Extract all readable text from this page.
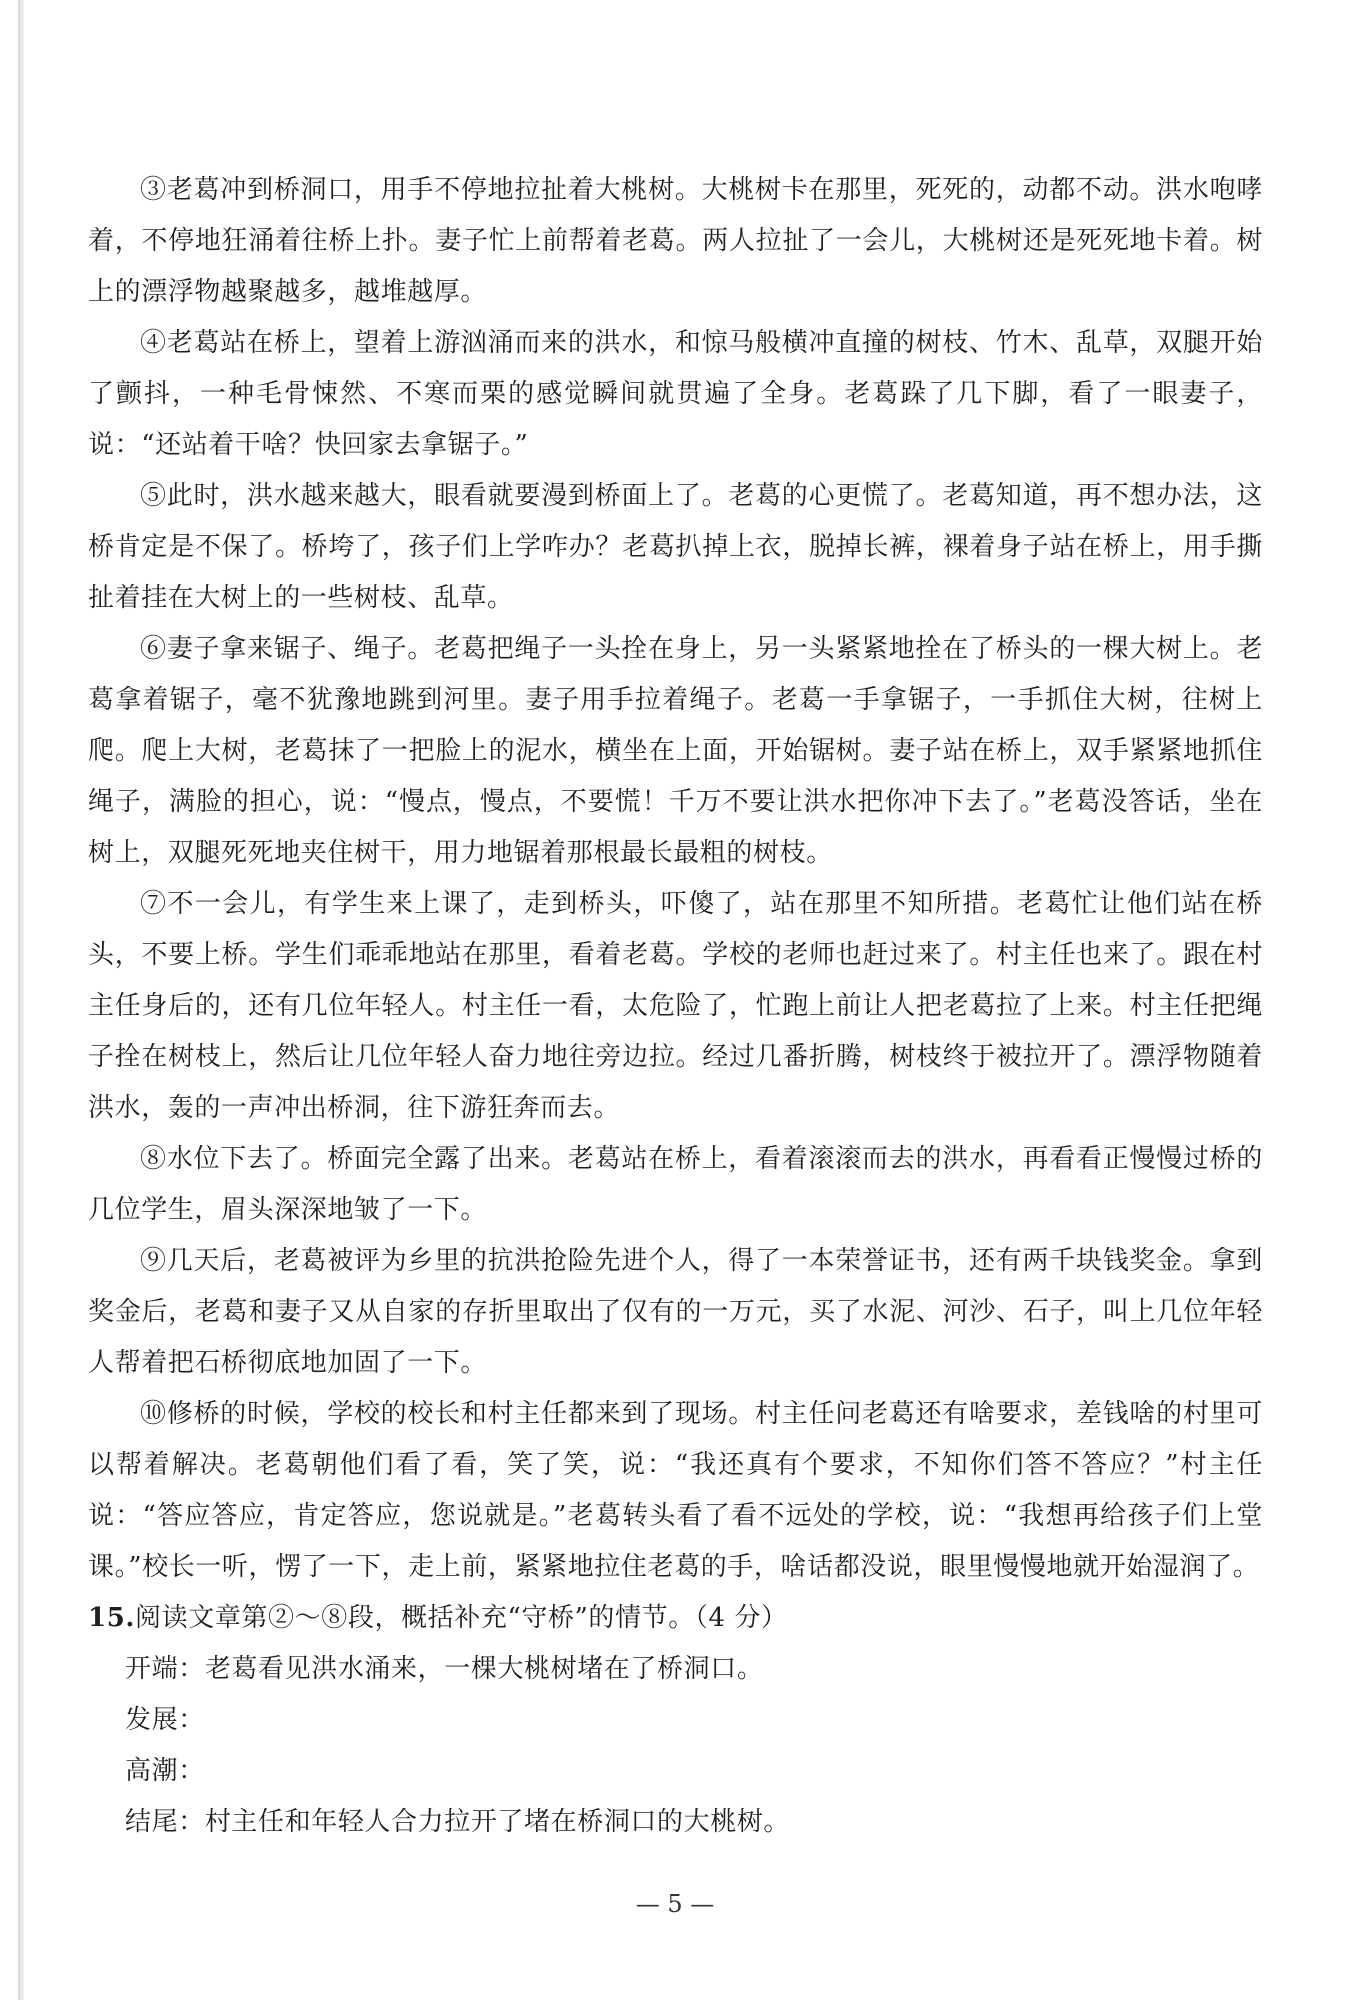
③老葛冲到桥洞口，用手不停地拉扯着大桃树。大桃树卡在那里，死死的，动都不动。洪水咆哮着，不停地狂涌着往桥上扑。妻子忙上前帮着老葛。两人拉扯了一会儿，大桃树还是死死地卡着。树上的漂浮物越聚越多，越堆越厚。

④老葛站在桥上，望着上游汹涌而来的洪水，和惊马般横冲直撞的树枝、竹木、乱草，双腿开始了颤抖，一种毛骨悚然、不寒而栗的感觉瞬间就贯遍了全身。老葛跺了几下脚，看了一眼妻子，说：“还站着干啥？快回家去拿锯子。”

⑤此时，洪水越来越大，眼看就要漫到桥面上了。老葛的心更慌了。老葛知道，再不想办法，这桥肯定是不保了。桥垮了，孩子们上学咋办？老葛扒掉上衣，脱掉长裤，裸着身子站在桥上，用手撕扯着挂在大树上的一些树枝、乱草。

⑥妻子拿来锯子、绳子。老葛把绳子一头拴在身上，另一头紧紧地拴在了桥头的一棵大树上。老葛拿着锯子，毫不犹豫地跳到河里。妻子用手拉着绳子。老葛一手拿锯子，一手抓住大树，往树上爬。爬上大树，老葛抹了一把脸上的泥水，横坐在上面，开始锯树。妻子站在桥上，双手紧紧地抓住绳子，满脸的担心，说：“慢点，慢点，不要慌！千万不要让洪水把你冲下去了。”老葛没答话，坐在树上，双腿死死地夹住树干，用力地锯着那根最长最粗的树枝。

⑦不一会儿，有学生来上课了，走到桥头，吓傻了，站在那里不知所措。老葛忙让他们站在桥头，不要上桥。学生们乖乖地站在那里，看着老葛。学校的老师也赶过来了。村主任也来了。跟在村主任身后的，还有几位年轻人。村主任一看，太危险了，忙跑上前让人把老葛拉了上来。村主任把绳子拴在树枝上，然后让几位年轻人奋力地往旁边拉。经过几番折腾，树枝终于被拉开了。漂浮物随着洪水，轰的一声冲出桥洞，往下游狂奔而去。

⑧水位下去了。桥面完全露了出来。老葛站在桥上，看着滚滚而去的洪水，再看看正慢慢过桥的几位学生，眉头深深地皱了一下。

⑨几天后，老葛被评为乡里的抗洪抢险先进个人，得了一本荣誉证书，还有两千块钱奖金。拿到奖金后，老葛和妻子又从自家的存折里取出了仅有的一万元，买了水泥、河沙、石子，叫上几位年轻人帮着把石桥彻底地加固了一下。

⑩修桥的时候，学校的校长和村主任都来到了现场。村主任问老葛还有啥要求，差钱啥的村里可以帮着解决。老葛朝他们看了看，笑了笑，说：“我还真有个要求，不知你们答不答应？”村主任说：“答应答应，肯定答应，您说就是。”老葛转头看了看不远处的学校，说：“我想再给孩子们上堂课。”校长一听，愣了一下，走上前，紧紧地拉住老葛的手，啥话都没说，眼里慢慢地就开始湿润了。

15.阅读文章第②～⑧段，概括补充“守桥”的情节。（4 分）

开端：老葛看见洪水涌来，一棵大桃树堵在了桥洞口。
发展：
高潮：
结尾：村主任和年轻人合力拉开了堵在桥洞口的大桃树。
— 5 —
